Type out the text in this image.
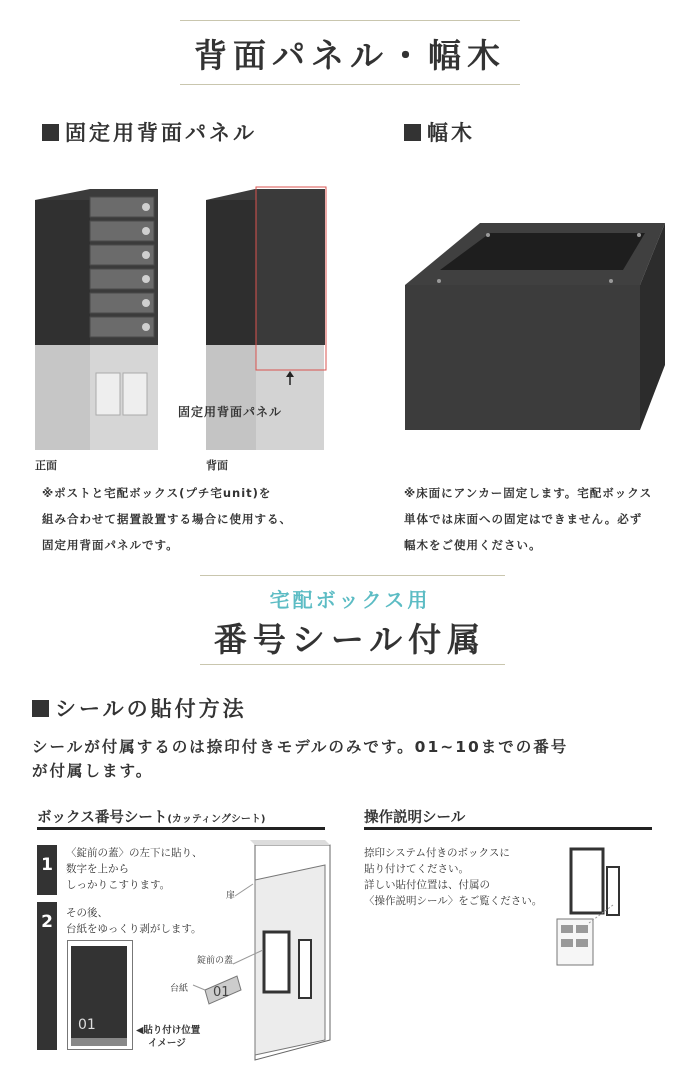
背面パネル・幅木
固定用背面パネル	幅木
正面
固定用背面パネル
背面
※ポストと宅配ボックス(プチ宅unit)を
組み合わせて据置設置する場合に使用する、
固定用背面パネルです。
※床面にアンカー固定します。宅配ボックス
単体では床面への固定はできません。必ず
幅木をご使用ください。
宅配ボックス用
番号シール付属
シールの貼付方法
シールが付属するのは捺印付きモデルのみです。01~10までの番号
が付属します。
ボックス番号シート(カッティングシート)
1
〈錠前の蓋〉の左下に貼り、
数字を上から
しっかりこすります。
2	その後、
台紙をゆっくり剥がします。
01	◀貼り付け位置
イメージ
扉
錠前の蓋
台紙 01
操作説明シール
捺印システム付きのボックスに
貼り付けてください。
詳しい貼付位置は、付属の
〈操作説明シール〉をご覧ください。
